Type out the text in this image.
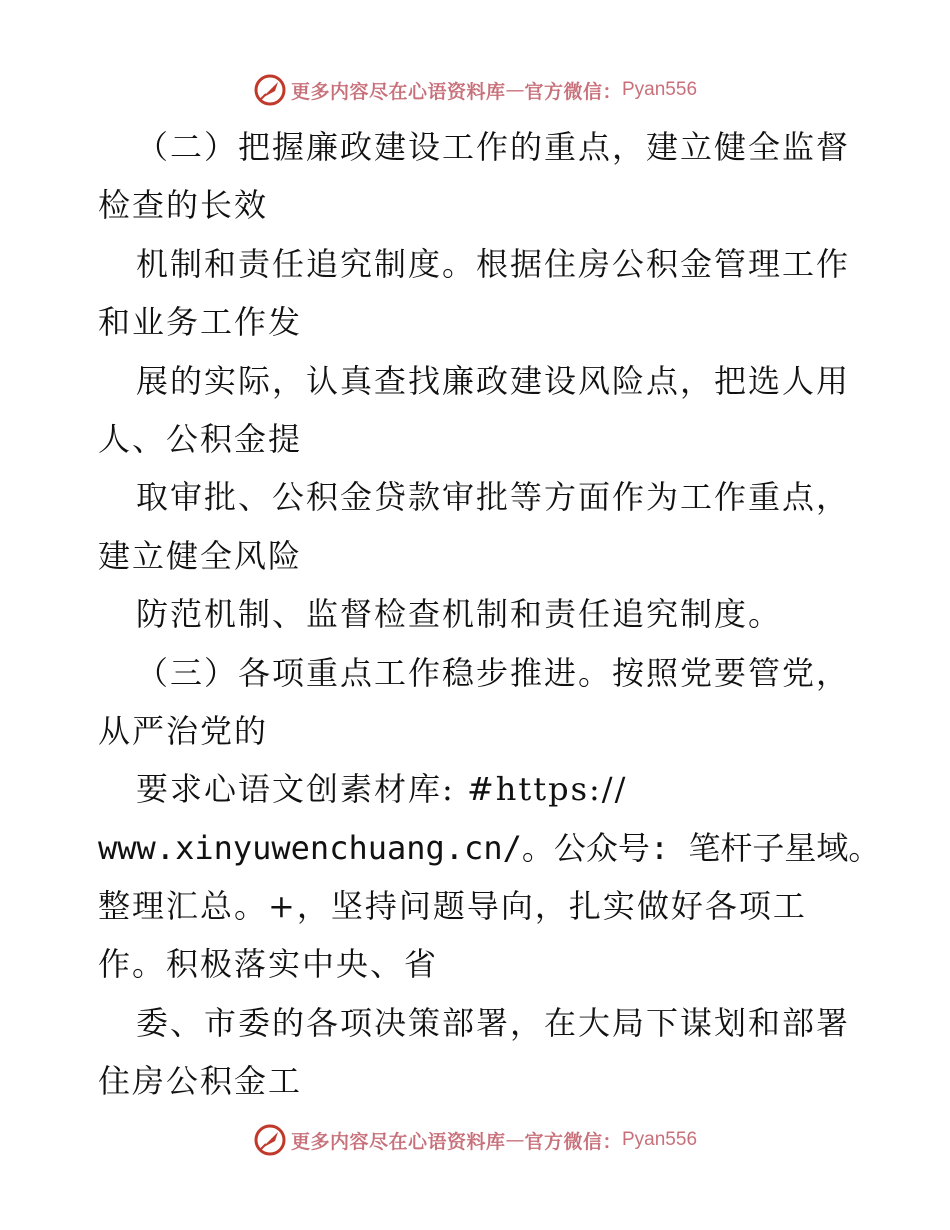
更多内容尽在心语资料库 — 官方微信： Pyan556
（二）把握廉政建设工作的重点，建立健全监督
检查的长效
机制和责任追究制度。根据住房公积金管理工作
和业务工作发
展的实际，认真查找廉政建设风险点，把选人用
人、公积金提
取审批、公积金贷款审批等方面作为工作重点，
建立健全风险
防范机制、监督检查机制和责任追究制度。
（三）各项重点工作稳步推进。按照党要管党，
从严治党的
要求心语文创素材库: #https://
www.xinyuwenchuang.cn/。公众号: 笔杆子星域。
整理汇总。+，坚持问题导向，扎实做好各项工
作。积极落实中央、省
委、市委的各项决策部署，在大局下谋划和部署
住房公积金工
更多内容尽在心语资料库 — 官方微信： Pyan556
